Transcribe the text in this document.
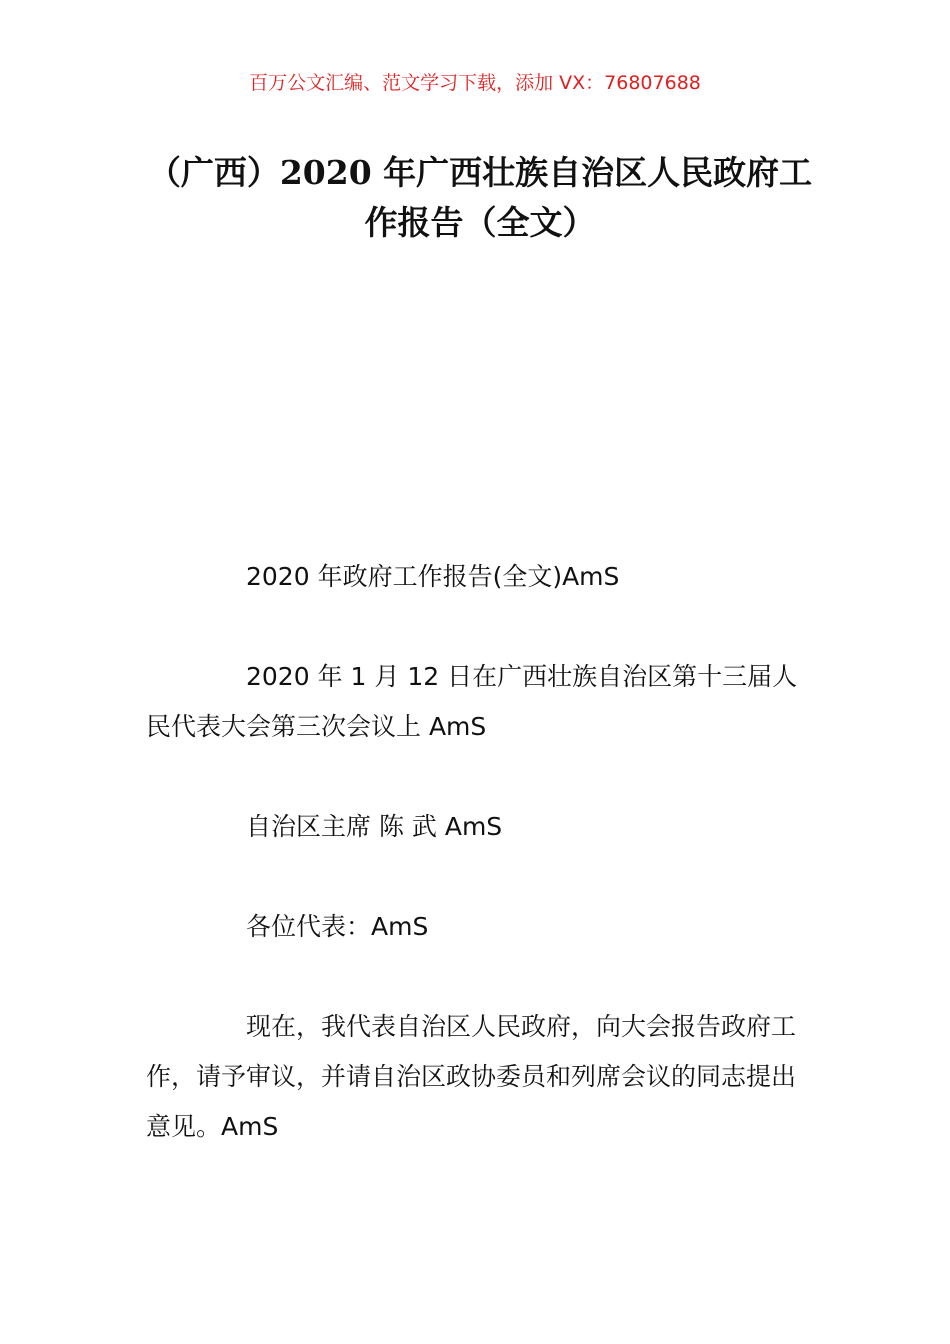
百万公文汇编、范文学习下载，添加 VX：76807688
（广西）2020 年广西壮族自治区人民政府工作报告（全文）

2020 年政府工作报告(全文)AmS

2020 年 1 月 12 日在广西壮族自治区第十三届人民代表大会第三次会议上 AmS

自治区主席 陈 武 AmS

各位代表：AmS

现在，我代表自治区人民政府，向大会报告政府工作，请予审议，并请自治区政协委员和列席会议的同志提出意见。AmS
